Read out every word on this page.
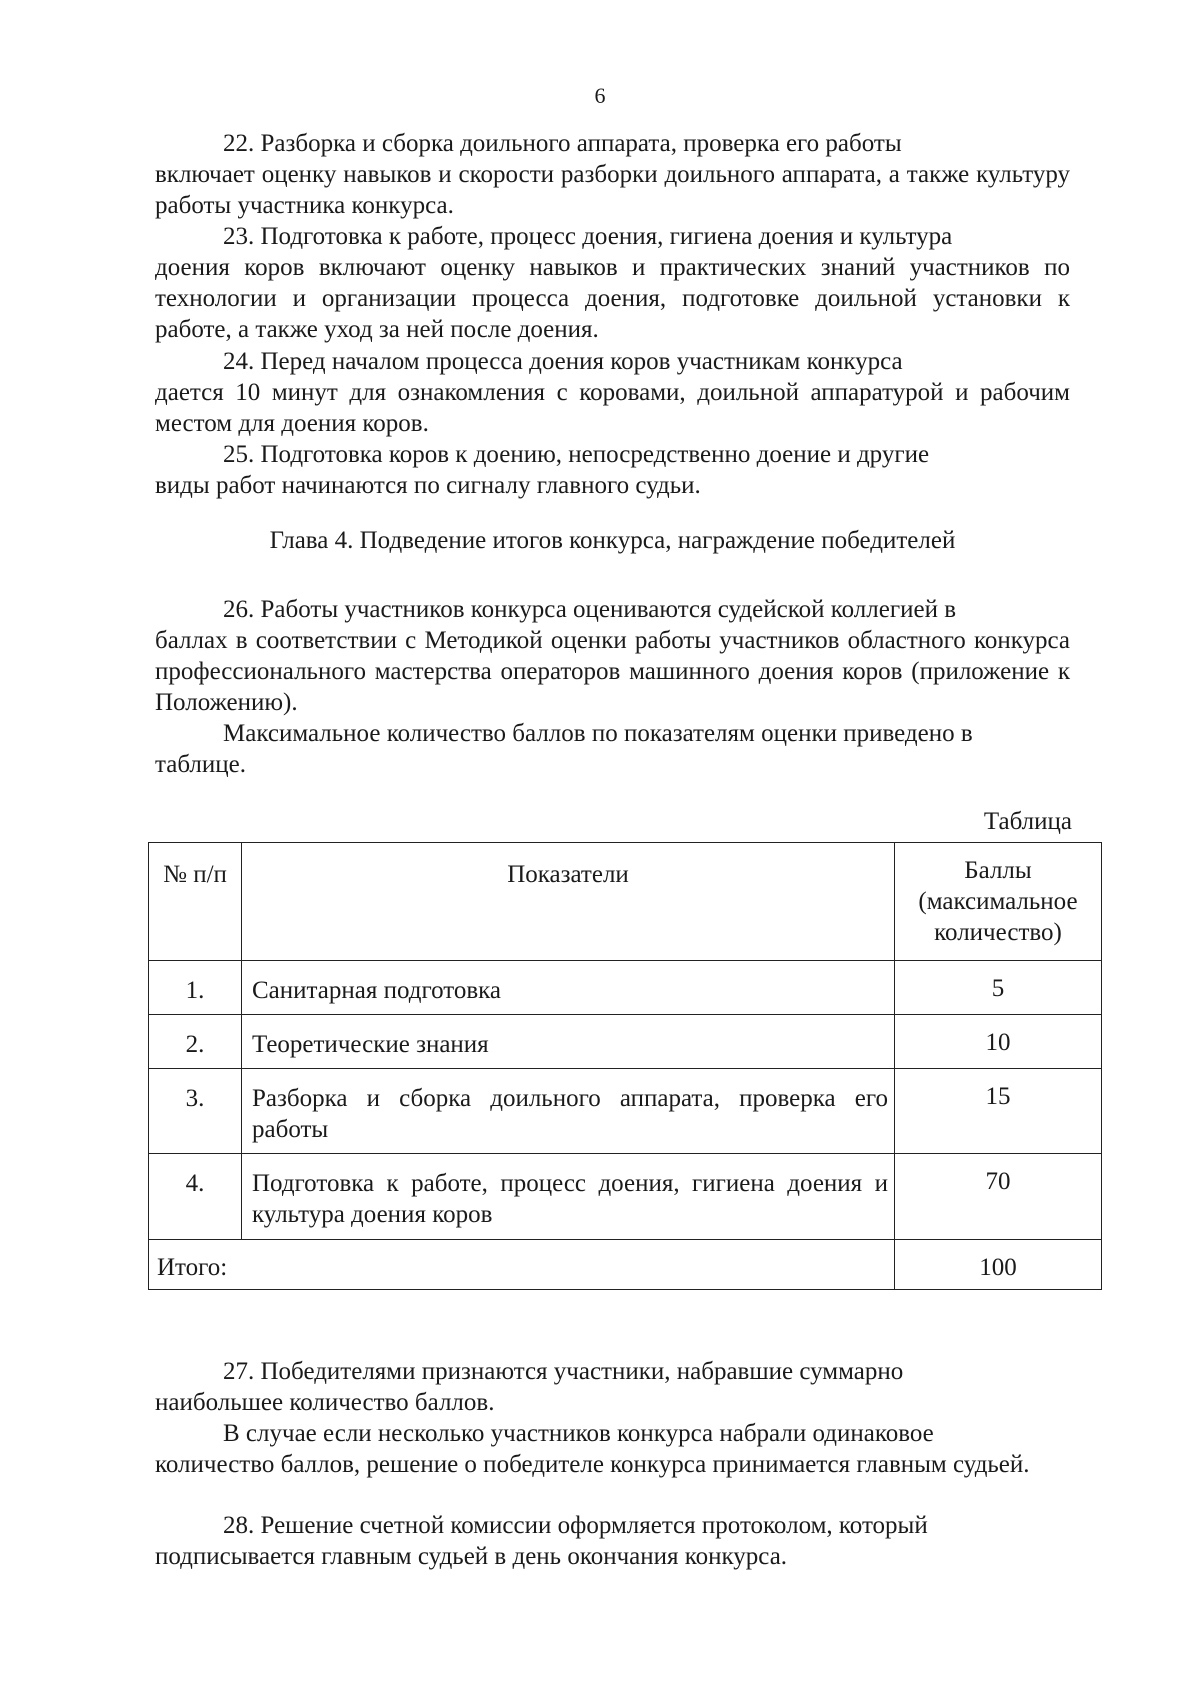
6
22. Разборка и сборка доильного аппарата, проверка его работы
включает оценку навыков и скорости разборки доильного аппарата, а также культуру работы участника конкурса.
23. Подготовка к работе, процесс доения, гигиена доения и культура
доения коров включают оценку навыков и практических знаний участников по технологии и организации процесса доения, подготовке доильной установки к работе, а также уход за ней после доения.
24. Перед началом процесса доения коров участникам конкурса
дается 10 минут для ознакомления с коровами, доильной аппаратурой и рабочим местом для доения коров.
25. Подготовка коров к доению, непосредственно доение и другие
виды работ начинаются по сигналу главного судьи.
Глава 4. Подведение итогов конкурса, награждение победителей
26. Работы участников конкурса оцениваются судейской коллегией в
баллах в соответствии с Методикой оценки работы участников областного конкурса профессионального мастерства операторов машинного доения коров (приложение к Положению).
Максимальное количество баллов по показателям оценки приведено в
таблице.
Таблица
№ п/п	Показатели	Баллы (максимальное количество)
1.	Санитарная подготовка	5
2.	Теоретические знания	10
3.	Разборка и сборка доильного аппарата, проверка его работы	15
4.	Подготовка к работе, процесс доения, гигиена доения и культура доения коров	70
Итого:		100
27. Победителями признаются участники, набравшие суммарно
наибольшее количество баллов.
В случае если несколько участников конкурса набрали одинаковое
количество баллов, решение о победителе конкурса принимается главным судьей.
28. Решение счетной комиссии оформляется протоколом, который
подписывается главным судьей в день окончания конкурса.
